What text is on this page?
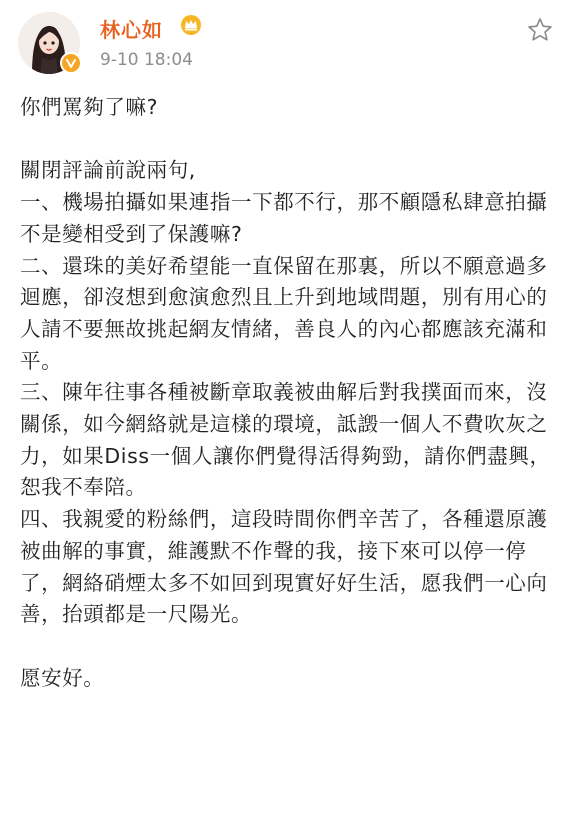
林心如
9-10 18:04

你們罵夠了嘛?

關閉評論前說兩句,

一、機場拍攝如果連指一下都不行，那不顧隱私肆意拍攝不是變相受到了保護嘛?

二、還珠的美好希望能一直保留在那裏，所以不願意過多迴應，卻沒想到愈演愈烈且上升到地域問題，別有用心的人請不要無故挑起網友情緒，善良人的內心都應該充滿和平。

三、陳年往事各種被斷章取義被曲解后對我撲面而來，沒關係，如今網絡就是這樣的環境，詆譭一個人不費吹灰之力，如果Diss一個人讓你們覺得活得夠勁，請你們盡興，恕我不奉陪。

四、我親愛的粉絲們，這段時間你們辛苦了，各種還原護被曲解的事實，維護默不作聲的我，接下來可以停一停了，網絡硝煙太多不如回到現實好好生活，愿我們一心向善，抬頭都是一尺陽光。

愿安好。
